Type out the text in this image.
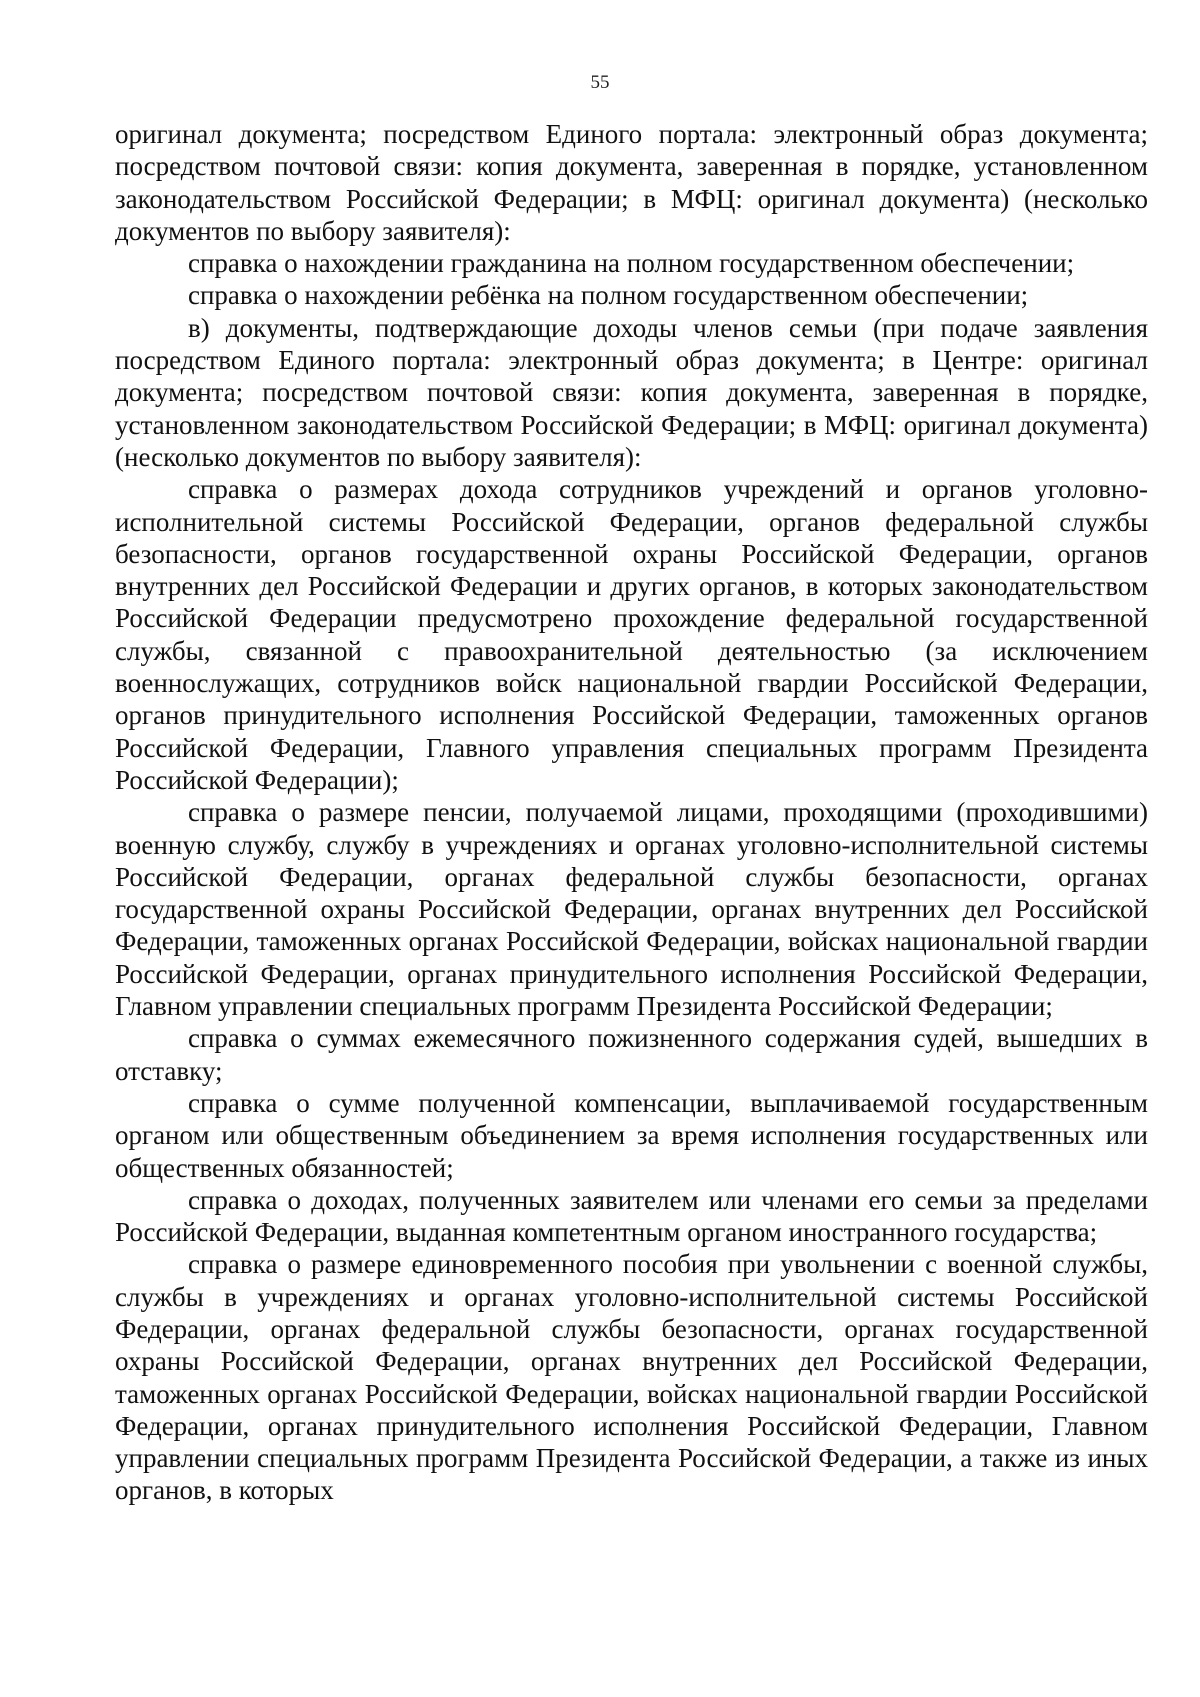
55

оригинал документа; посредством Единого портала: электронный образ документа; посредством почтовой связи: копия документа, заверенная в порядке, установленном законодательством Российской Федерации; в МФЦ: оригинал документа) (несколько документов по выбору заявителя):

справка о нахождении гражданина на полном государственном обеспечении;

справка о нахождении ребёнка на полном государственном обеспечении;

в) документы, подтверждающие доходы членов семьи (при подаче заявления посредством Единого портала: электронный образ документа; в Центре: оригинал документа; посредством почтовой связи: копия документа, заверенная в порядке, установленном законодательством Российской Федерации; в МФЦ: оригинал документа) (несколько документов по выбору заявителя):

справка о размерах дохода сотрудников учреждений и органов уголовно-исполнительной системы Российской Федерации, органов федеральной службы безопасности, органов государственной охраны Российской Федерации, органов внутренних дел Российской Федерации и других органов, в которых законодательством Российской Федерации предусмотрено прохождение федеральной государственной службы, связанной с правоохранительной деятельностью (за исключением военнослужащих, сотрудников войск национальной гвардии Российской Федерации, органов принудительного исполнения Российской Федерации, таможенных органов Российской Федерации, Главного управления специальных программ Президента Российской Федерации);

справка о размере пенсии, получаемой лицами, проходящими (проходившими) военную службу, службу в учреждениях и органах уголовно-исполнительной системы Российской Федерации, органах федеральной службы безопасности, органах государственной охраны Российской Федерации, органах внутренних дел Российской Федерации, таможенных органах Российской Федерации, войсках национальной гвардии Российской Федерации, органах принудительного исполнения Российской Федерации, Главном управлении специальных программ Президента Российской Федерации;

справка о суммах ежемесячного пожизненного содержания судей, вышедших в отставку;

справка о сумме полученной компенсации, выплачиваемой государственным органом или общественным объединением за время исполнения государственных или общественных обязанностей;

справка о доходах, полученных заявителем или членами его семьи за пределами Российской Федерации, выданная компетентным органом иностранного государства;

справка о размере единовременного пособия при увольнении с военной службы, службы в учреждениях и органах уголовно-исполнительной системы Российской Федерации, органах федеральной службы безопасности, органах государственной охраны Российской Федерации, органах внутренних дел Российской Федерации, таможенных органах Российской Федерации, войсках национальной гвардии Российской Федерации, органах принудительного исполнения Российской Федерации, Главном управлении специальных программ Президента Российской Федерации, а также из иных органов, в которых
